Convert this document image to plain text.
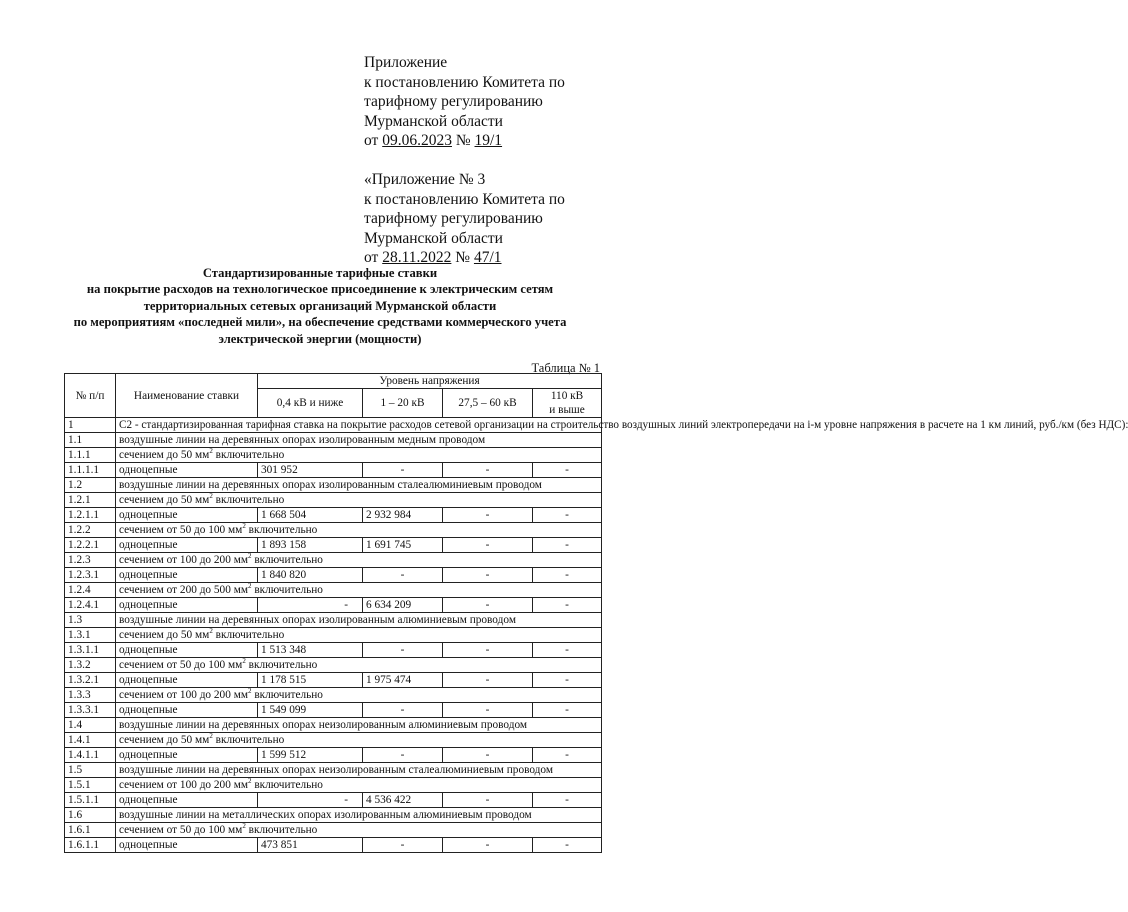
Приложение
к постановлению Комитета по
тарифному регулированию
Мурманской области
от 09.06.2023 № 19/1
«Приложение № 3
к постановлению Комитета по
тарифному регулированию
Мурманской области
от 28.11.2022 № 47/1
Стандартизированные тарифные ставки
на покрытие расходов на технологическое присоединение к электрическим сетям
территориальных сетевых организаций Мурманской области
по мероприятиям «последней мили», на обеспечение средствами коммерческого учета
электрической энергии (мощности)
Таблица № 1
№ п/п	Наименование ставки	Уровень напряжения			
		0,4 кВ и ниже	1 – 20 кВ	27,5 – 60 кВ	110 кВ
и выше
1	С2 - стандартизированная тарифная ставка на покрытие расходов сетевой организации на строительство воздушных линий электропередачи на i-м уровне напряжения в расчете на 1 км линий, руб./км (без НДС):				
1.1	воздушные линии на деревянных опорах изолированным медным проводом				
1.1.1	сечением до 50 $мм^2$ включительно				
1.1.1.1	одноцепные	301 952	-	-	-
1.2	воздушные линии на деревянных опорах изолированным сталеалюминиевым проводом				
1.2.1	сечением до 50 $мм^2$ включительно				
1.2.1.1	одноцепные	1 668 504	2 932 984	-	-
1.2.2	сечением от 50 до 100 $мм^2$ включительно				
1.2.2.1	одноцепные	1 893 158	1 691 745	-	-
1.2.3	сечением от 100 до 200 $мм^2$ включительно				
1.2.3.1	одноцепные	1 840 820	-	-	-
1.2.4	сечением от 200 до 500 $мм^2$ включительно				
1.2.4.1	одноцепные	-	6 634 209	-	-
1.3	воздушные линии на деревянных опорах изолированным алюминиевым проводом				
1.3.1	сечением до 50 $мм^2$ включительно				
1.3.1.1	одноцепные	1 513 348	-	-	-
1.3.2	сечением от 50 до 100 $мм^2$ включительно				
1.3.2.1	одноцепные	1 178 515	1 975 474	-	-
1.3.3	сечением от 100 до 200 $мм^2$ включительно				
1.3.3.1	одноцепные	1 549 099	-	-	-
1.4	воздушные линии на деревянных опорах неизолированным алюминиевым проводом				
1.4.1	сечением до 50 $мм^2$ включительно				
1.4.1.1	одноцепные	1 599 512	-	-	-
1.5	воздушные линии на деревянных опорах неизолированным сталеалюминиевым проводом				
1.5.1	сечением от 100 до 200 $мм^2$ включительно				
1.5.1.1	одноцепные	-	4 536 422	-	-
1.6	воздушные линии на металлических опорах изолированным алюминиевым проводом				
1.6.1	сечением от 50 до 100 $мм^2$ включительно				
1.6.1.1	одноцепные	473 851	-	-	-
